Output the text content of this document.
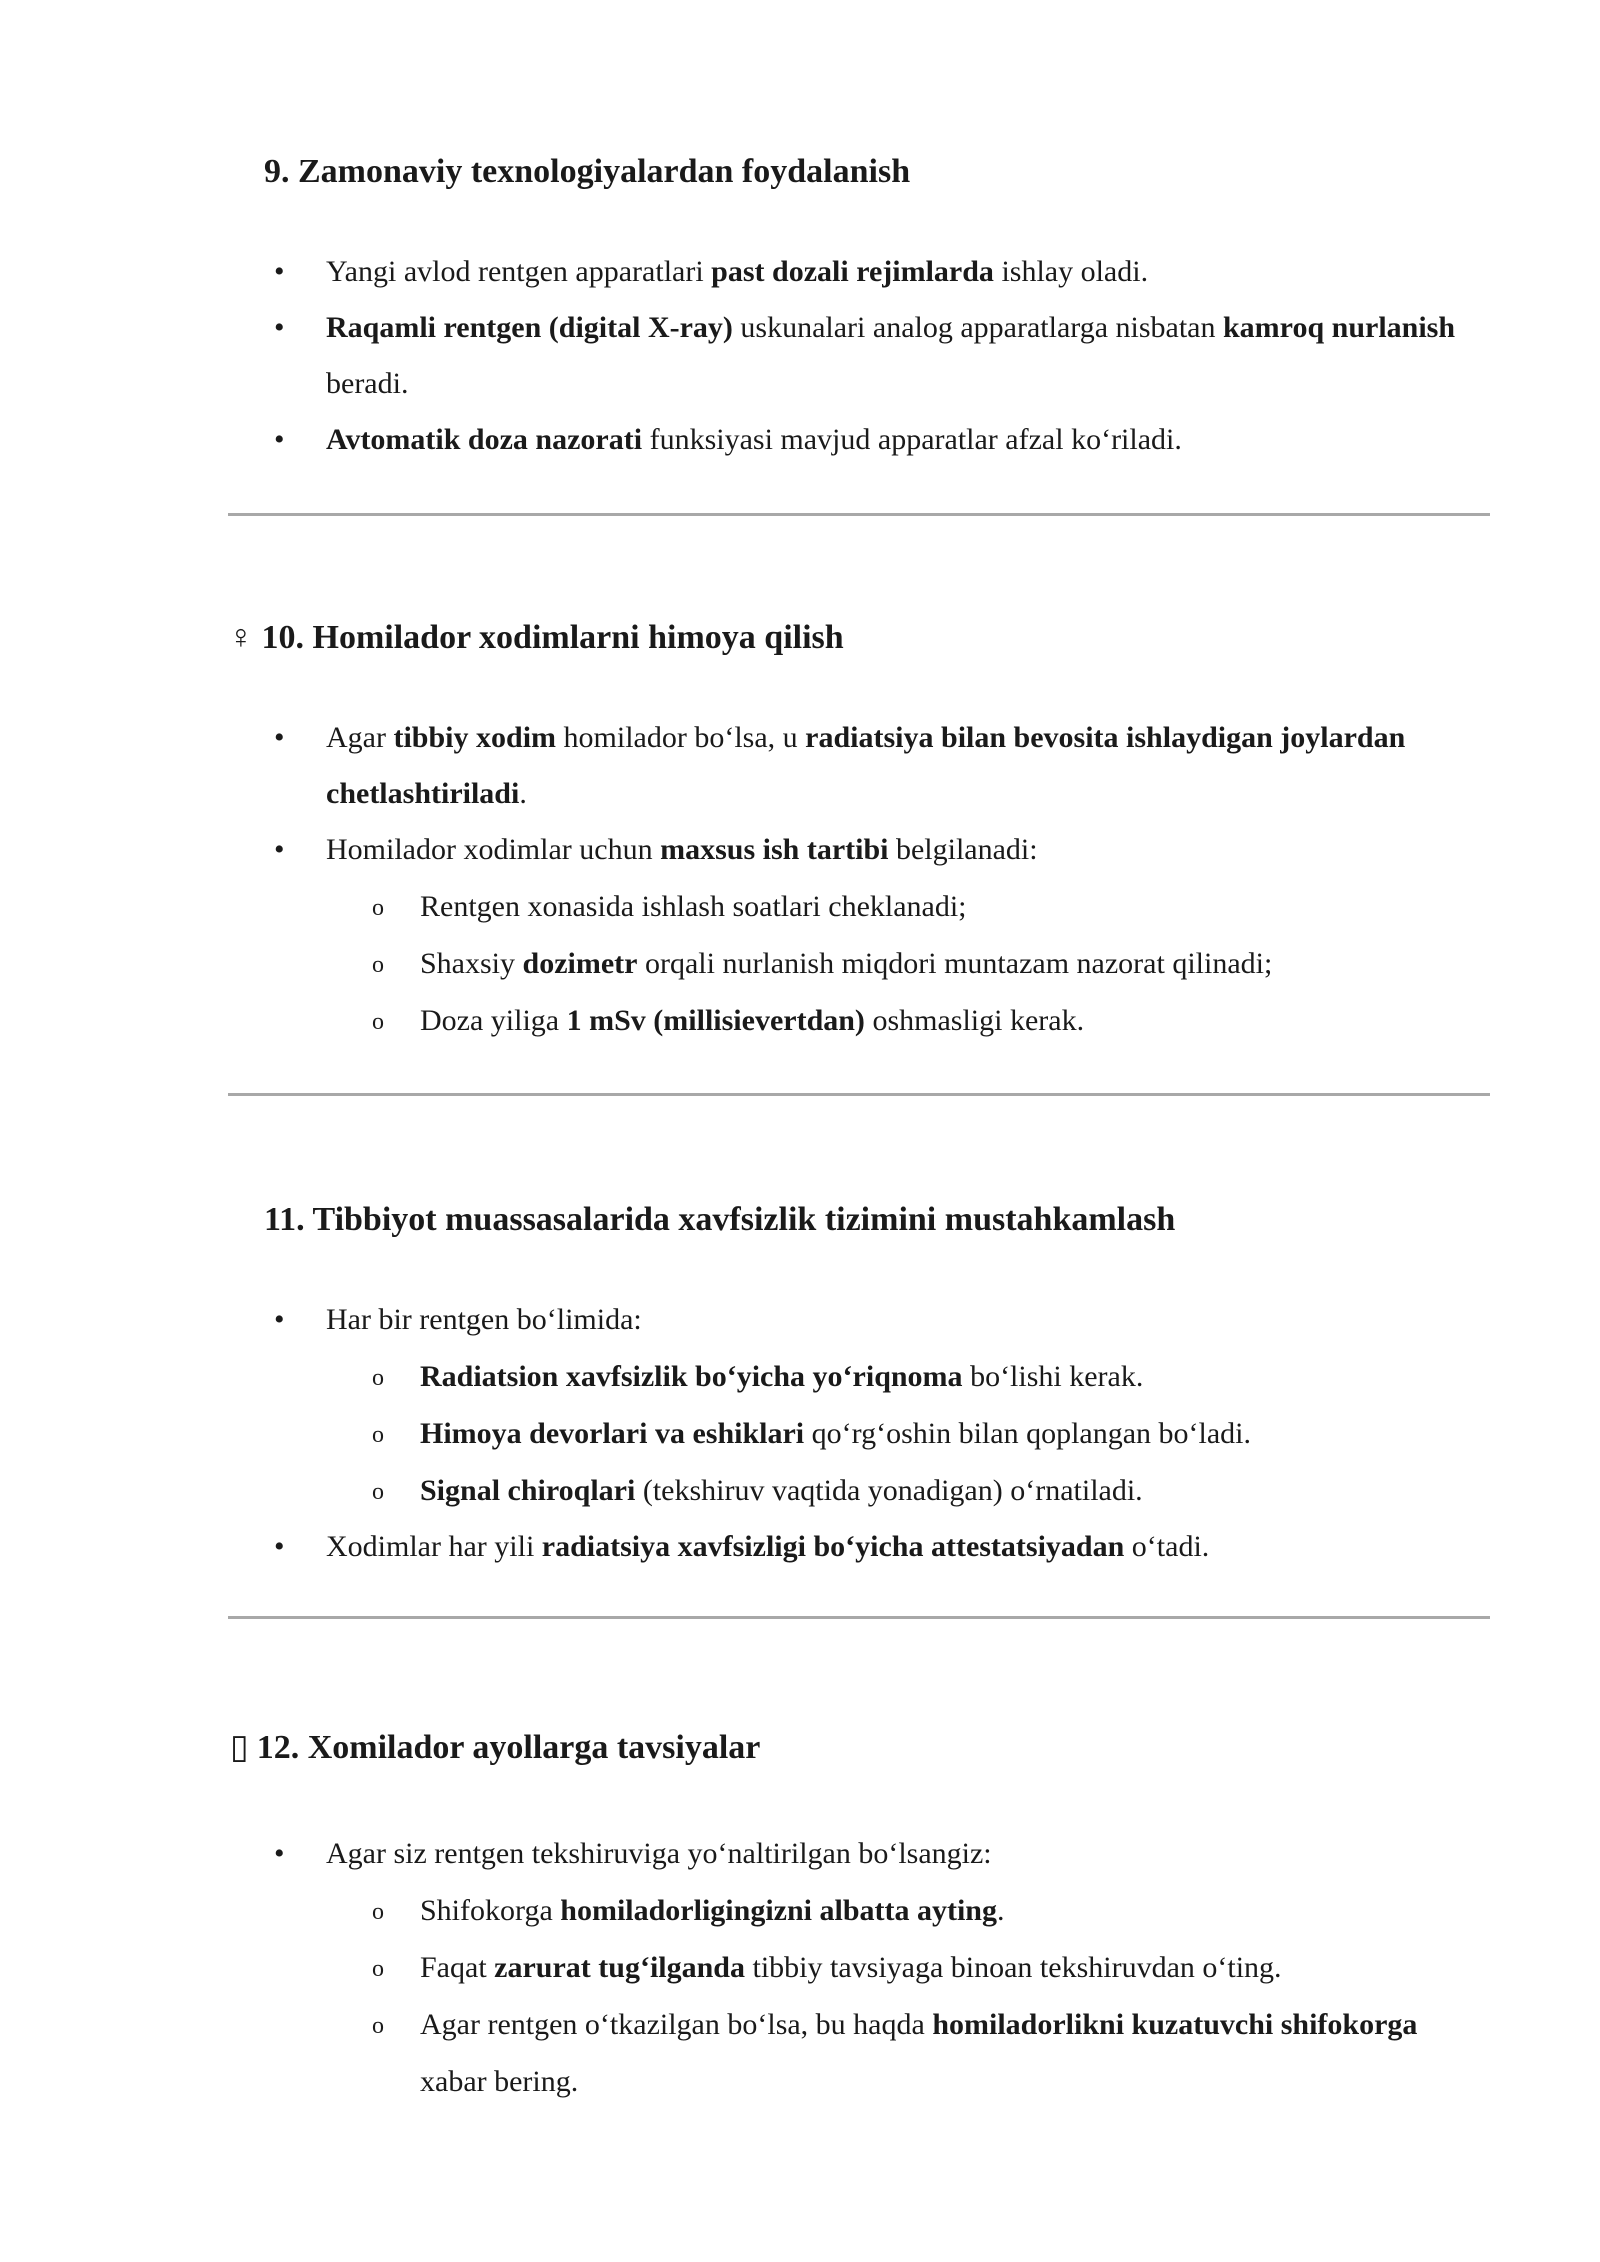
9. Zamonaviy texnologiyalardan foydalanish
• Yangi avlod rentgen apparatlari past dozali rejimlarda ishlay oladi.
• Raqamli rentgen (digital X-ray) uskunalari analog apparatlarga nisbatan kamroq nurlanish beradi.
• Avtomatik doza nazorati funksiyasi mavjud apparatlar afzal ko‘riladi.
♀ 10. Homilador xodimlarni himoya qilish
• Agar tibbiy xodim homilador bo‘lsa, u radiatsiya bilan bevosita ishlaydigan joylardan chetlashtiriladi.
• Homilador xodimlar uchun maxsus ish tartibi belgilanadi:
o Rentgen xonasida ishlash soatlari cheklanadi;
o Shaxsiy dozimetr orqali nurlanish miqdori muntazam nazorat qilinadi;
o Doza yiliga 1 mSv (millisievertdan) oshmasligi kerak.
11. Tibbiyot muassasalarida xavfsizlik tizimini mustahkamlash
• Har bir rentgen bo‘limida:
o Radiatsion xavfsizlik bo‘yicha yo‘riqnoma bo‘lishi kerak.
o Himoya devorlari va eshiklari qo‘rg‘oshin bilan qoplangan bo‘ladi.
o Signal chiroqlari (tekshiruv vaqtida yonadigan) o‘rnatiladi.
• Xodimlar har yili radiatsiya xavfsizligi bo‘yicha attestatsiyadan o‘tadi.
▯ 12. Xomilador ayollarga tavsiyalar
• Agar siz rentgen tekshiruviga yo‘naltirilgan bo‘lsangiz:
o Shifokorga homiladorligingizni albatta ayting.
o Faqat zarurat tug‘ilganda tibbiy tavsiyaga binoan tekshiruvdan o‘ting.
o Agar rentgen o‘tkazilgan bo‘lsa, bu haqda homiladorlikni kuzatuvchi shifokorga xabar bering.
